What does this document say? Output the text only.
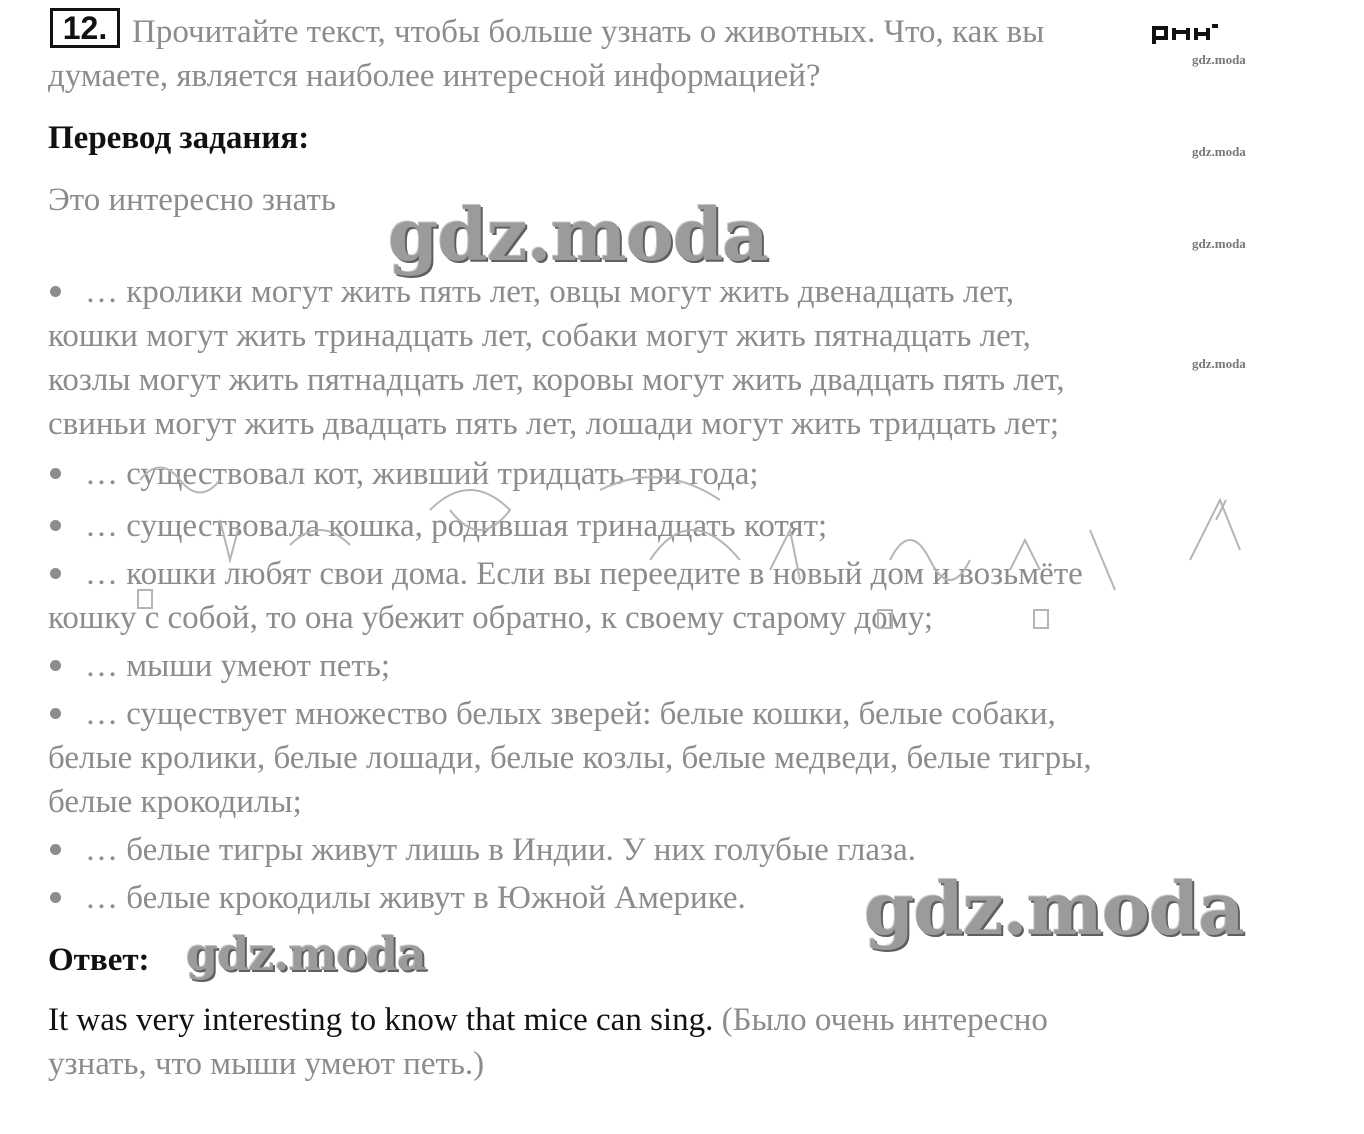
12. Прочитайте текст, чтобы больше узнать о животных. Что, как вы
думаете, является наиболее интересной информацией?
Перевод задания:
Это интересно знать
… кролики могут жить пять лет, овцы могут жить двенадцать лет,
кошки могут жить тринадцать лет, собаки могут жить пятнадцать лет,
козлы могут жить пятнадцать лет, коровы могут жить двадцать пять лет,
свиньи могут жить двадцать пять лет, лошади могут жить тридцать лет;
… существовал кот, живший тридцать три года;
… существовала кошка, родившая тринадцать котят;
… кошки любят свои дома. Если вы переедите в новый дом и возьмёте
кошку с собой, то она убежит обратно, к своему старому дому;
… мыши умеют петь;
… существует множество белых зверей: белые кошки, белые собаки,
белые кролики, белые лошади, белые козлы, белые медведи, белые тигры,
белые крокодилы;
… белые тигры живут лишь в Индии. У них голубые глаза.
… белые крокодилы живут в Южной Америке.
Ответ:
It was very interesting to know that mice can sing. (Было очень интересно
узнать, что мыши умеют петь.)
gdz.moda
gdz.moda
gdz.moda
gdz.moda
gdz.moda
gdz.moda
gdz.moda
